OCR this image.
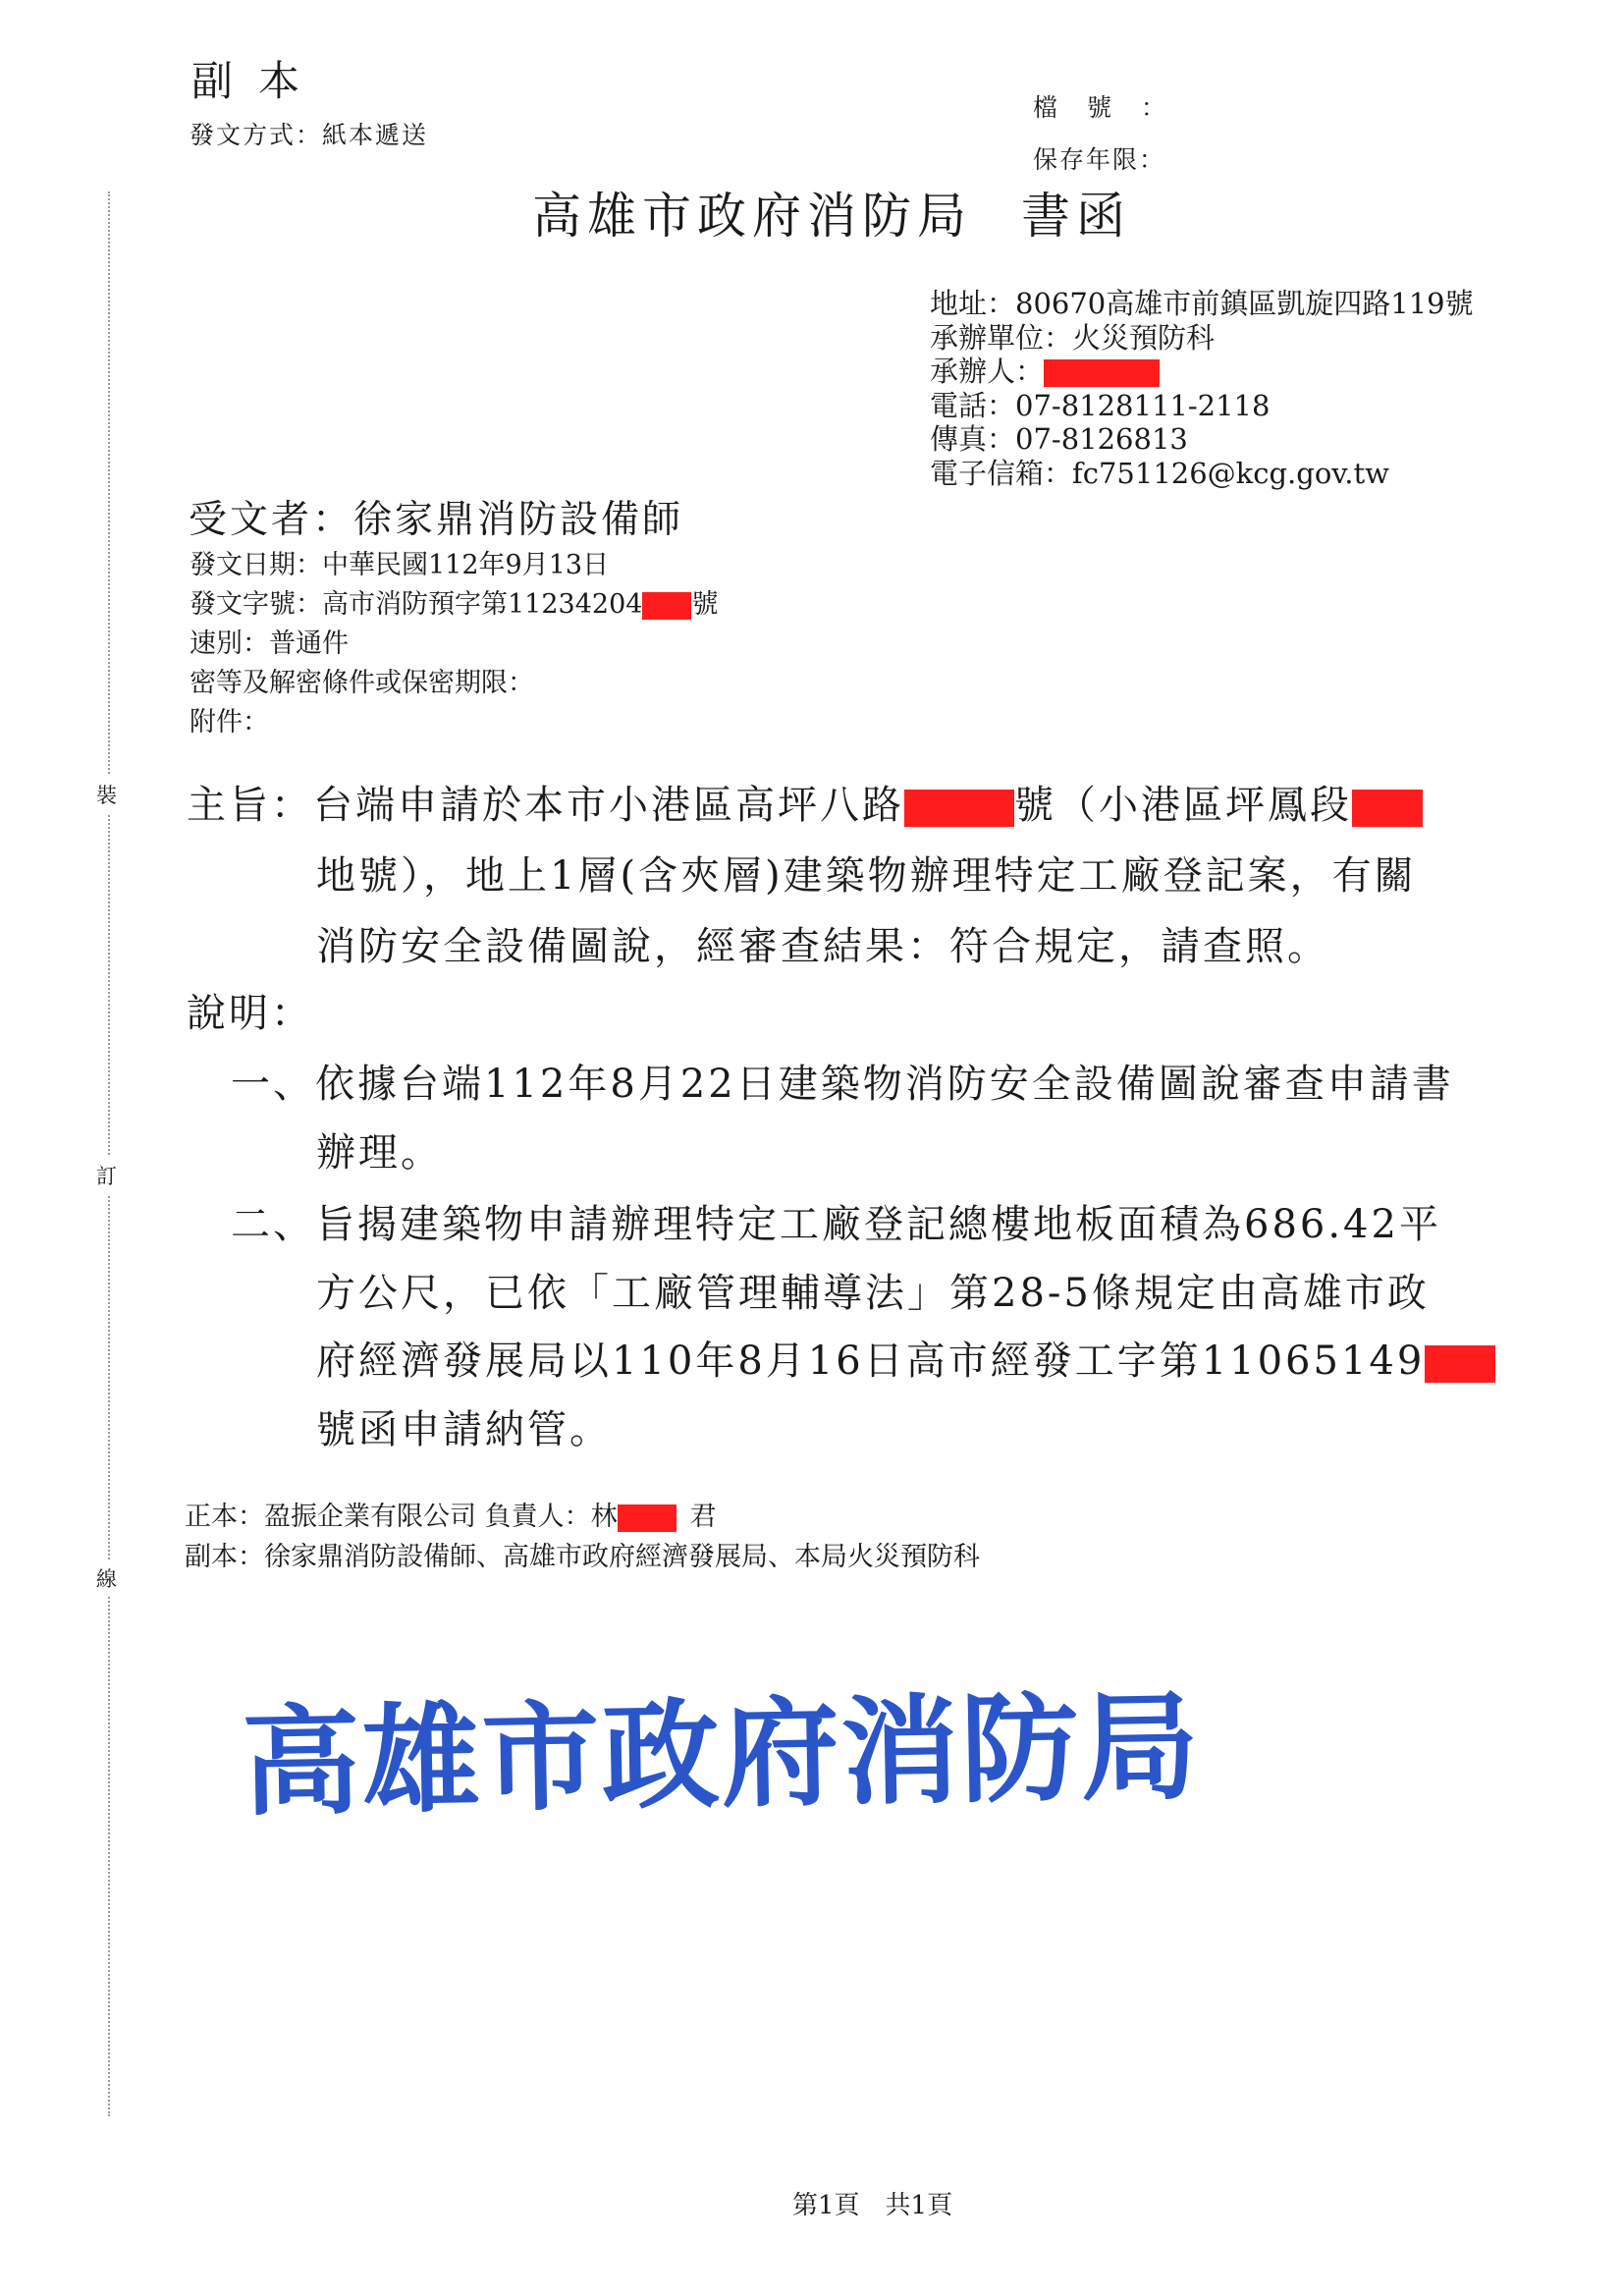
裝
訂
線
副本
發文方式：紙本遞送
檔號：
保存年限：
高雄市政府消防局 書函
地址：80670高雄市前鎮區凱旋四路119號
承辦單位：火災預防科
承辦人：
電話：07-8128111-2118
傳真：07-8126813
電子信箱：fc751126@kcg.gov.tw
受文者：徐家鼎消防設備師
發文日期：中華民國112年9月13日
發文字號：高市消防預字第11234204 號
速別：普通件
密等及解密條件或保密期限：
附件：
主旨：台端申請於本市小港區高坪八路	號（小港區坪鳳段
地號），地上1層(含夾層)建築物辦理特定工廠登記案，有關
消防安全設備圖說，經審查結果：符合規定，請查照。
說明：
一、依據台端112年8月22日建築物消防安全設備圖說審查申請書
辦理。
二、旨揭建築物申請辦理特定工廠登記總樓地板面積為686.42平
方公尺，已依「工廠管理輔導法」第28-5條規定由高雄市政
府經濟發展局以110年8月16日高市經發工字第11065149
號函申請納管。
正本：盈振企業有限公司 負責人：林	君
副本：徐家鼎消防設備師、高雄市政府經濟發展局、本局火災預防科
高雄市政府消防局
第1頁　共1頁
